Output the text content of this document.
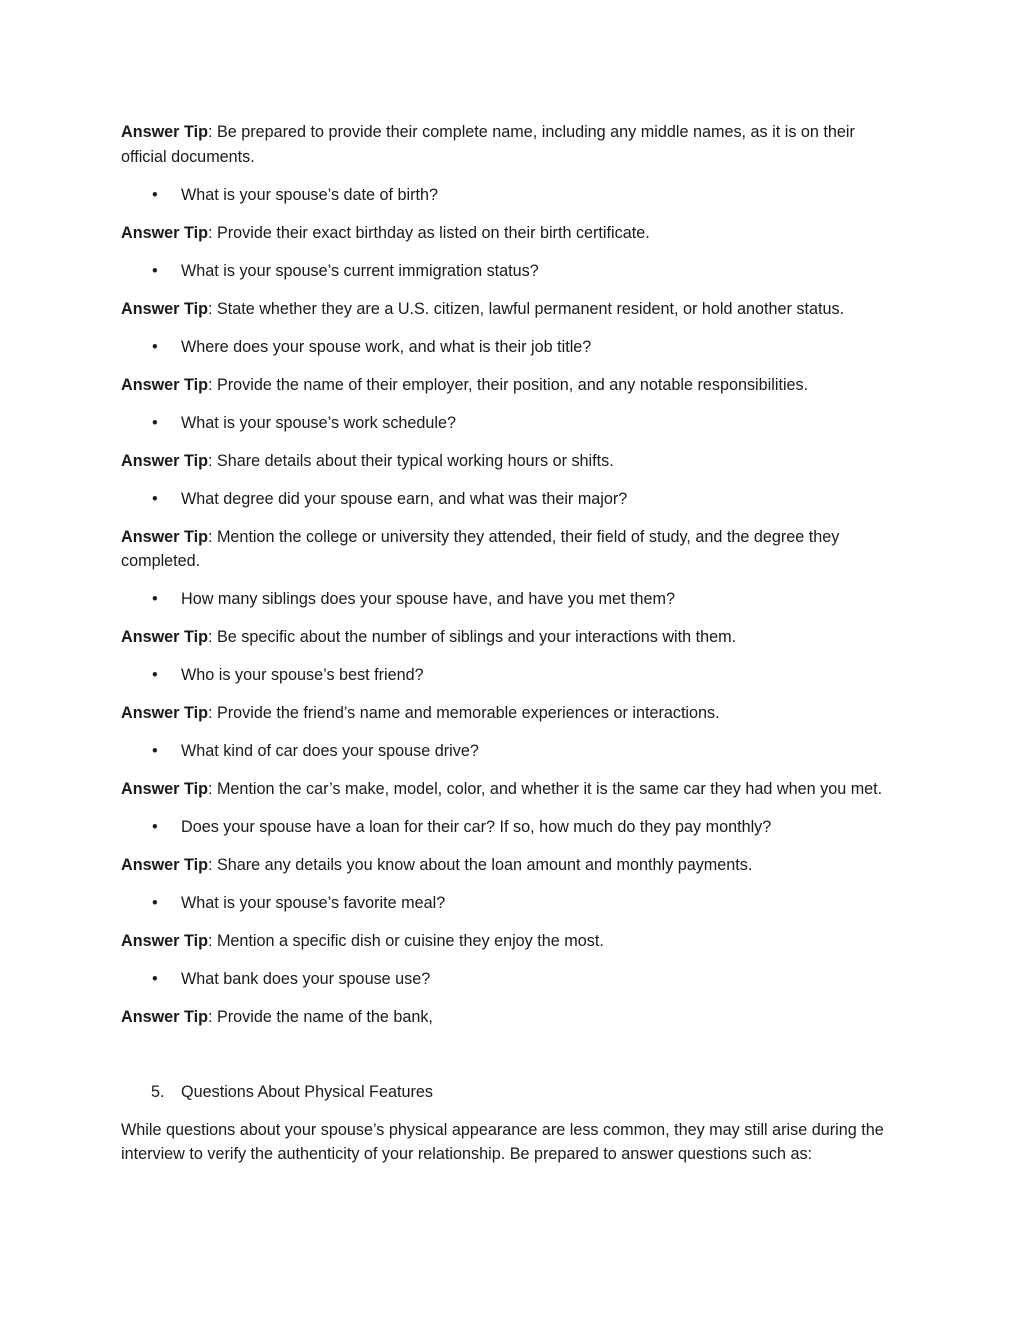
Answer Tip: Be prepared to provide their complete name, including any middle names, as it is on their official documents.

• What is your spouse’s date of birth?

Answer Tip: Provide their exact birthday as listed on their birth certificate.

• What is your spouse’s current immigration status?

Answer Tip: State whether they are a U.S. citizen, lawful permanent resident, or hold another status.

• Where does your spouse work, and what is their job title?

Answer Tip: Provide the name of their employer, their position, and any notable responsibilities.

• What is your spouse’s work schedule?

Answer Tip: Share details about their typical working hours or shifts.

• What degree did your spouse earn, and what was their major?

Answer Tip: Mention the college or university they attended, their field of study, and the degree they completed.

• How many siblings does your spouse have, and have you met them?

Answer Tip: Be specific about the number of siblings and your interactions with them.

• Who is your spouse’s best friend?

Answer Tip: Provide the friend’s name and memorable experiences or interactions.

• What kind of car does your spouse drive?

Answer Tip: Mention the car’s make, model, color, and whether it is the same car they had when you met.

• Does your spouse have a loan for their car? If so, how much do they pay monthly?

Answer Tip: Share any details you know about the loan amount and monthly payments.

• What is your spouse’s favorite meal?

Answer Tip: Mention a specific dish or cuisine they enjoy the most.

• What bank does your spouse use?

Answer Tip: Provide the name of the bank,

5. Questions About Physical Features

While questions about your spouse’s physical appearance are less common, they may still arise during the interview to verify the authenticity of your relationship. Be prepared to answer questions such as:
